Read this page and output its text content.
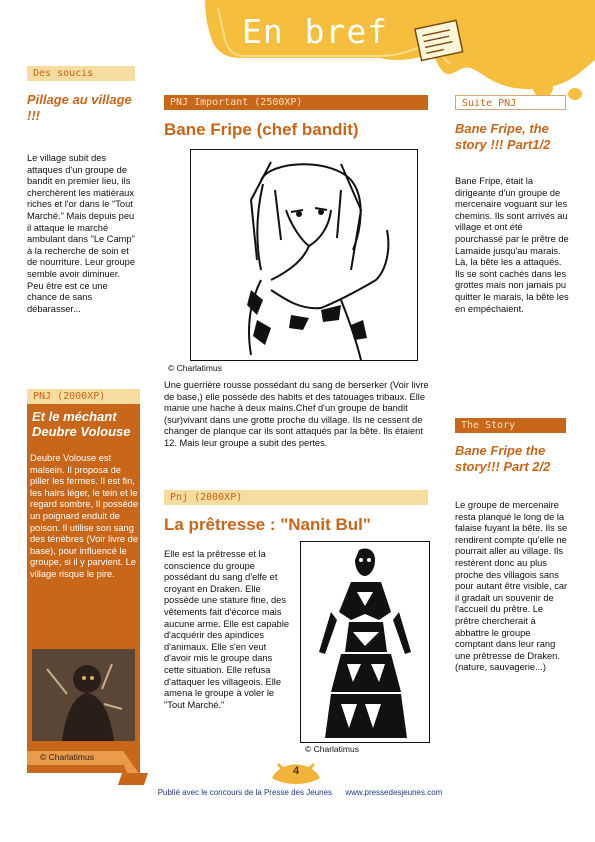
En bref
Des soucis

Pillage au village !!!

Le village subit des attaques d'un groupe de bandit en premier lieu, ils cherchèrent les matièraux riches et l'or dans le "Tout Marché." Mais depuis peu il attaque le marché ambulant dans "Le Camp" à la recherche de soin et de nourriture. Leur groupe semble avoir diminuer. Peu être est ce une chance de sans débarasser...

PNJ (2000XP)

Et le méchant Deubre Volouse

Deubre Volouse est malsein. Il proposa de piller les fermes. Il est fin, les hairs léger, le tein et le regard sombre, Il posséde un poignard enduit de poison. Il utilise son sang des ténèbres (Voir livre de base), pour influencé le groupe, si il y parvient. Le village risque le pire.

© Charlatimus
PNJ Important (2500XP)

Bane Fripe (chef bandit)

© Charlatimus

Une guerrière rousse possédant du sang de berserker (Voir livre de base,) elle posséde des habits et des tatouages tribaux. Elle manie une hache à deux mains.Chef d'un groupe de bandit (sur)vivant dans une grotte proche du village. Ils ne cessent de changer de planque car ils sont attaqués par la bête. Ils étaient 12. Mais leur groupe a subit des pertes.

Pnj (2000XP)

La prêtresse : "Nanit Bul"

Elle est la prêtresse et la conscience du groupe possédant du sang d'elfe et croyant en Draken. Elle possède une stature fine, des vêtements fait d'écorce mais aucune arme. Elle est capable d'acquérir des apindices d'animaux. Elle s'en veut d'avoir mis le groupe dans cette situation. Elle refusa d'attaquer les villageois. Elle amena le groupe à voler le "Tout Marché."

© Charlatimus
Suite PNJ

Bane Fripe, the story !!! Part1/2

Bane Fripe, était la dirigeante d'un groupe de mercenaire voguant sur les chemins. Ils sont arrivés au village et ont été pourchassé par le prêtre de Lamaide jusqu'au marais. Là, la bête les a attaqués. Ils se sont cachés dans les grottes mais non jamais pu quitter le marais, la bête les en empéchaient.

The Story

Bane Fripe the story!!! Part 2/2

Le groupe de mercenaire resta planqué le long de la falaise fuyant la bête. Ils se rendirent compte qu'elle ne pourrait aller au village. Ils restèrent donc au plus proche des villagois sans pour autant être visible, car il gradait un souvenir de l'accueil du prêtre. Le prêtre chercherait à abbattre le groupe comptant dans leur rang une prêtresse de Draken. (nature, sauvagerie...)

4
Publié avec le concours de la Presse des Jeunes www.pressedesjeunes.com
